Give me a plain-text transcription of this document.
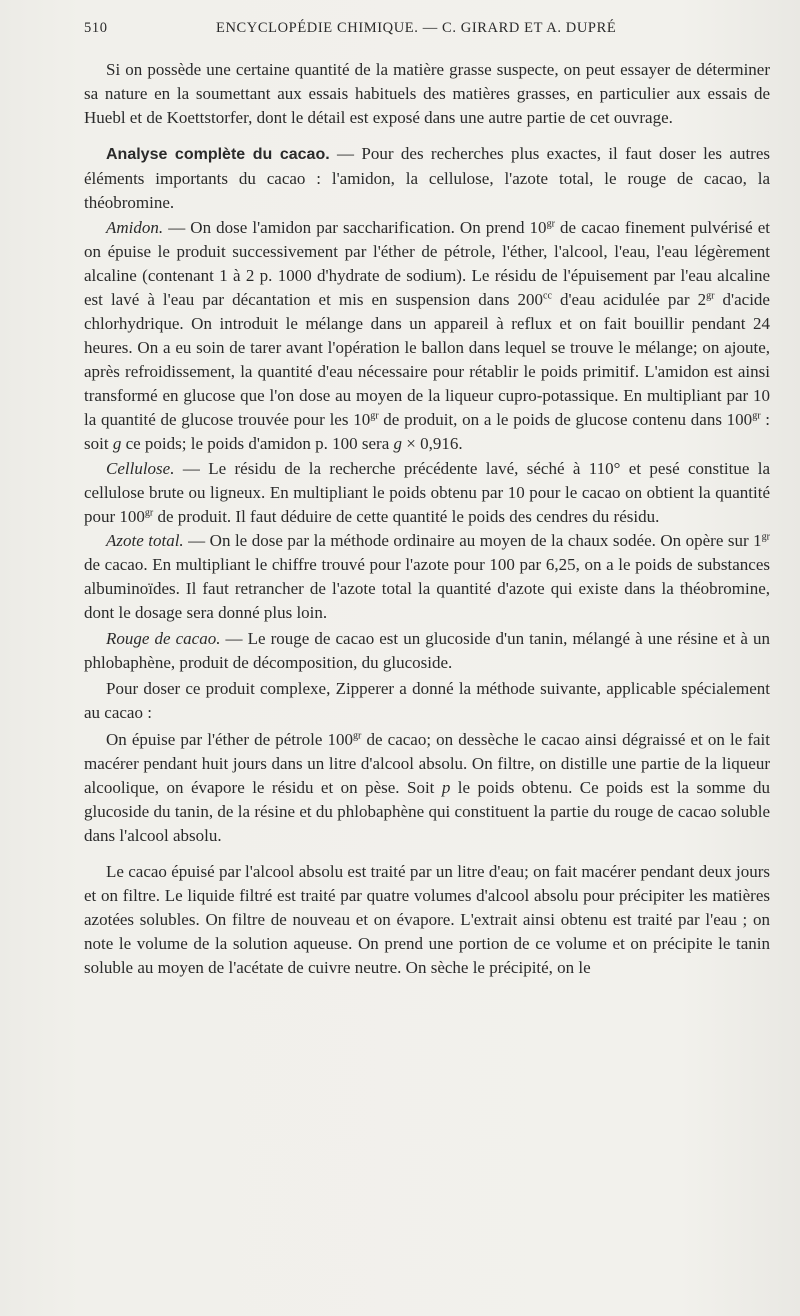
510	ENCYCLOPÉDIE CHIMIQUE. — C. GIRARD ET A. DUPRÉ

Si on possède une certaine quantité de la matière grasse suspecte, on peut essayer de déterminer sa nature en la soumettant aux essais habituels des matières grasses, en particulier aux essais de Huebl et de Koettstorfer, dont le détail est exposé dans une autre partie de cet ouvrage.

Analyse complète du cacao. — Pour des recherches plus exactes, il faut doser les autres éléments importants du cacao : l'amidon, la cellulose, l'azote total, le rouge de cacao, la théobromine.

Amidon. — On dose l'amidon par saccharification. On prend $10^{gr}$ de cacao finement pulvérisé et on épuise le produit successivement par l'éther de pétrole, l'éther, l'alcool, l'eau, l'eau légèrement alcaline (contenant 1 à 2 p. 1000 d'hydrate de sodium). Le résidu de l'épuisement par l'eau alcaline est lavé à l'eau par décantation et mis en suspension dans $200^{cc}$ d'eau acidulée par $2^{gr}$ d'acide chlorhydrique. On introduit le mélange dans un appareil à reflux et on fait bouillir pendant 24 heures. On a eu soin de tarer avant l'opération le ballon dans lequel se trouve le mélange; on ajoute, après refroidissement, la quantité d'eau nécessaire pour rétablir le poids primitif. L'amidon est ainsi transformé en glucose que l'on dose au moyen de la liqueur cupro-potassique. En multipliant par 10 la quantité de glucose trouvée pour les $10^{gr}$ de produit, on a le poids de glucose contenu dans $100^{gr}$ : soit g ce poids; le poids d'amidon p. 100 sera g × 0,916.

Cellulose. — Le résidu de la recherche précédente lavé, séché à 110° et pesé constitue la cellulose brute ou ligneux. En multipliant le poids obtenu par 10 pour le cacao on obtient la quantité pour $100^{gr}$ de produit. Il faut déduire de cette quantité le poids des cendres du résidu.

Azote total. — On le dose par la méthode ordinaire au moyen de la chaux sodée. On opère sur $1^{gr}$ de cacao. En multipliant le chiffre trouvé pour l'azote pour 100 par 6,25, on a le poids de substances albuminoïdes. Il faut retrancher de l'azote total la quantité d'azote qui existe dans la théobromine, dont le dosage sera donné plus loin.

Rouge de cacao. — Le rouge de cacao est un glucoside d'un tanin, mélangé à une résine et à un phlobaphène, produit de décomposition, du glucoside.

Pour doser ce produit complexe, Zipperer a donné la méthode suivante, applicable spécialement au cacao :

On épuise par l'éther de pétrole $100^{gr}$ de cacao; on dessèche le cacao ainsi dégraissé et on le fait macérer pendant huit jours dans un litre d'alcool absolu. On filtre, on distille une partie de la liqueur alcoolique, on évapore le résidu et on pèse. Soit p le poids obtenu. Ce poids est la somme du glucoside du tanin, de la résine et du phlobaphène qui constituent la partie du rouge de cacao soluble dans l'alcool absolu.

Le cacao épuisé par l'alcool absolu est traité par un litre d'eau; on fait macérer pendant deux jours et on filtre. Le liquide filtré est traité par quatre volumes d'alcool absolu pour précipiter les matières azotées solubles. On filtre de nouveau et on évapore. L'extrait ainsi obtenu est traité par l'eau ; on note le volume de la solution aqueuse. On prend une portion de ce volume et on précipite le tanin soluble au moyen de l'acétate de cuivre neutre. On sèche le précipité, on le
